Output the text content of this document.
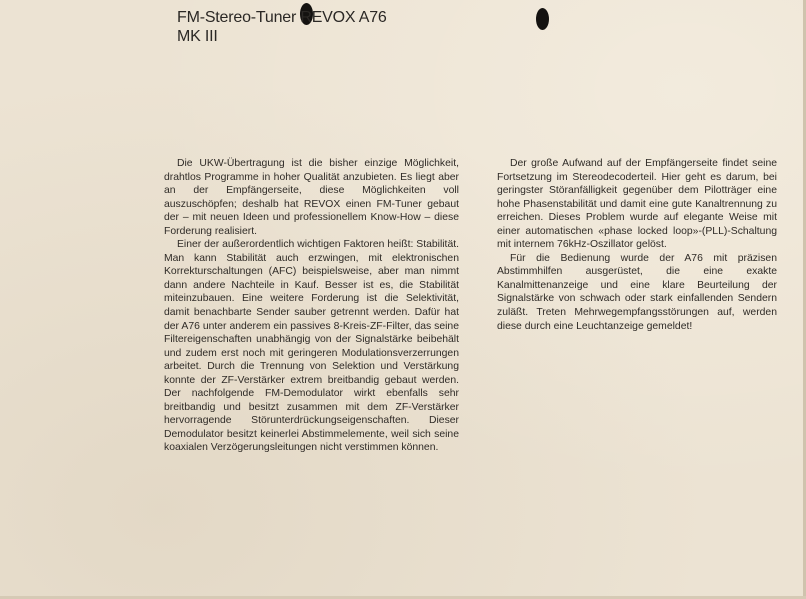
FM-Stereo-Tuner REVOX A76
MK III

Die UKW-Übertragung ist die bisher einzige Möglichkeit, drahtlos Programme in hoher Qualität anzubieten. Es liegt aber an der Empfängerseite, diese Möglichkeiten voll auszuschöpfen; deshalb hat REVOX einen FM-Tuner gebaut der – mit neuen Ideen und professionellem Know-How – diese Forderung realisiert.

Einer der außerordentlich wichtigen Faktoren heißt: Stabilität. Man kann Stabilität auch erzwingen, mit elektronischen Korrekturschaltungen (AFC) beispielsweise, aber man nimmt dann andere Nachteile in Kauf. Besser ist es, die Stabilität miteinzubauen. Eine weitere Forderung ist die Selektivität, damit benachbarte Sender sauber getrennt werden. Dafür hat der A76 unter anderem ein passives 8-Kreis-ZF-Filter, das seine Filtereigenschaften unabhängig von der Signalstärke beibehält und zudem erst noch mit geringeren Modulationsverzerrungen arbeitet. Durch die Trennung von Selektion und Verstärkung konnte der ZF-Verstärker extrem breitbandig gebaut werden. Der nachfolgende FM-Demodulator wirkt ebenfalls sehr breitbandig und besitzt zusammen mit dem ZF-Verstärker hervorragende Störunterdrückungseigenschaften. Dieser Demodulator besitzt keinerlei Abstimmelemente, weil sich seine koaxialen Verzögerungsleitungen nicht verstimmen können.

Der große Aufwand auf der Empfängerseite findet seine Fortsetzung im Stereodecoderteil. Hier geht es darum, bei geringster Störanfälligkeit gegenüber dem Pilotträger eine hohe Phasenstabilität und damit eine gute Kanaltrennung zu erreichen. Dieses Problem wurde auf elegante Weise mit einer automatischen «phase locked loop»-(PLL)-Schaltung mit internem 76kHz-Oszillator gelöst.

Für die Bedienung wurde der A76 mit präzisen Abstimmhilfen ausgerüstet, die eine exakte Kanalmittenanzeige und eine klare Beurteilung der Signalstärke von schwach oder stark einfallenden Sendern zuläßt. Treten Mehrwegempfangsstörungen auf, werden diese durch eine Leuchtanzeige gemeldet!
